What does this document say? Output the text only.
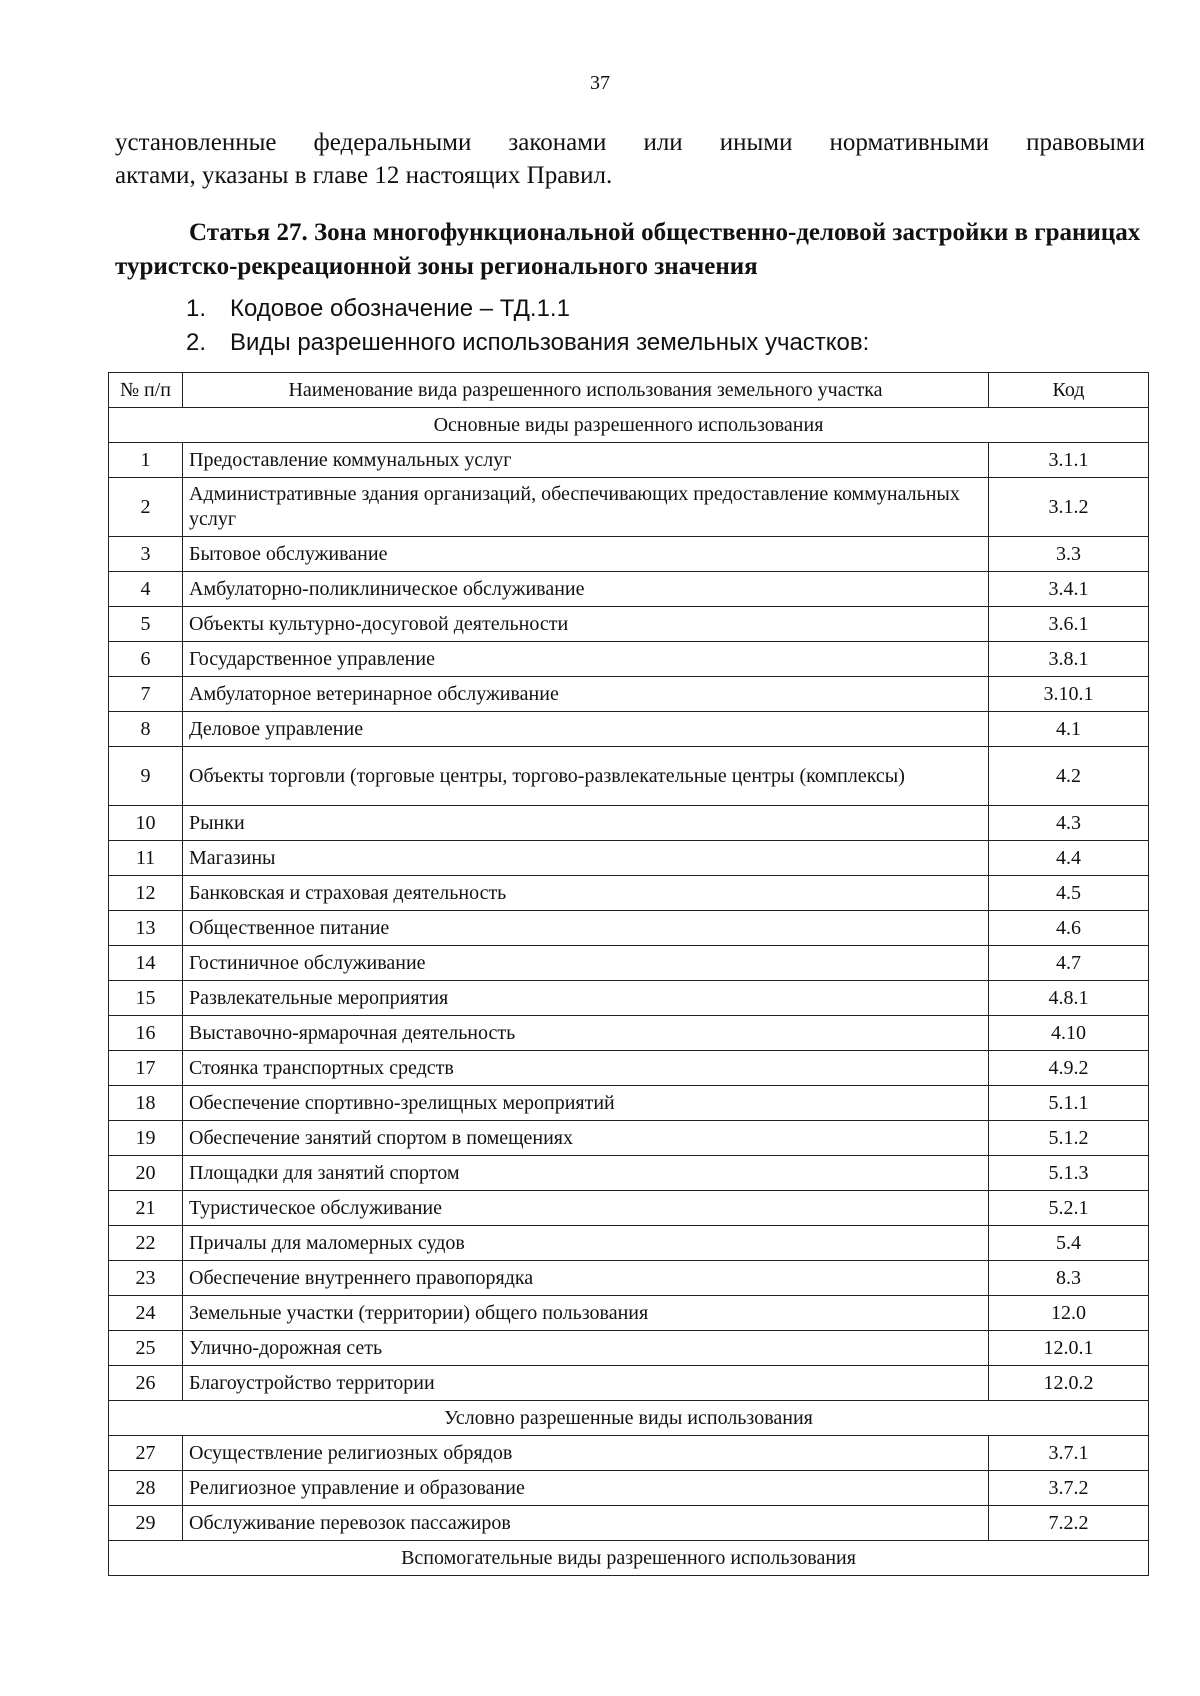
37
установленные федеральными законами или иными нормативными правовыми
актами, указаны в главе 12 настоящих Правил.
Статья 27. Зона многофункциональной общественно-деловой застройки в границах туристско-рекреационной зоны регионального значения
1. Кодовое обозначение – ТД.1.1
2. Виды разрешенного использования земельных участков:
№ п/п	Наименование вида разрешенного использования земельного участка	Код
Основные виды разрешенного использования		
1	Предоставление коммунальных услуг	3.1.1
2	Административные здания организаций, обеспечивающих предоставление коммунальных услуг	3.1.2
3	Бытовое обслуживание	3.3
4	Амбулаторно-поликлиническое обслуживание	3.4.1
5	Объекты культурно-досуговой деятельности	3.6.1
6	Государственное управление	3.8.1
7	Амбулаторное ветеринарное обслуживание	3.10.1
8	Деловое управление	4.1
9	Объекты торговли (торговые центры, торгово-развлекательные центры (комплексы)	4.2
10	Рынки	4.3
11	Магазины	4.4
12	Банковская и страховая деятельность	4.5
13	Общественное питание	4.6
14	Гостиничное обслуживание	4.7
15	Развлекательные мероприятия	4.8.1
16	Выставочно-ярмарочная деятельность	4.10
17	Стоянка транспортных средств	4.9.2
18	Обеспечение спортивно-зрелищных мероприятий	5.1.1
19	Обеспечение занятий спортом в помещениях	5.1.2
20	Площадки для занятий спортом	5.1.3
21	Туристическое обслуживание	5.2.1
22	Причалы для маломерных судов	5.4
23	Обеспечение внутреннего правопорядка	8.3
24	Земельные участки (территории) общего пользования	12.0
25	Улично-дорожная сеть	12.0.1
26	Благоустройство территории	12.0.2
Условно разрешенные виды использования		
27	Осуществление религиозных обрядов	3.7.1
28	Религиозное управление и образование	3.7.2
29	Обслуживание перевозок пассажиров	7.2.2
Вспомогательные виды разрешенного использования		
